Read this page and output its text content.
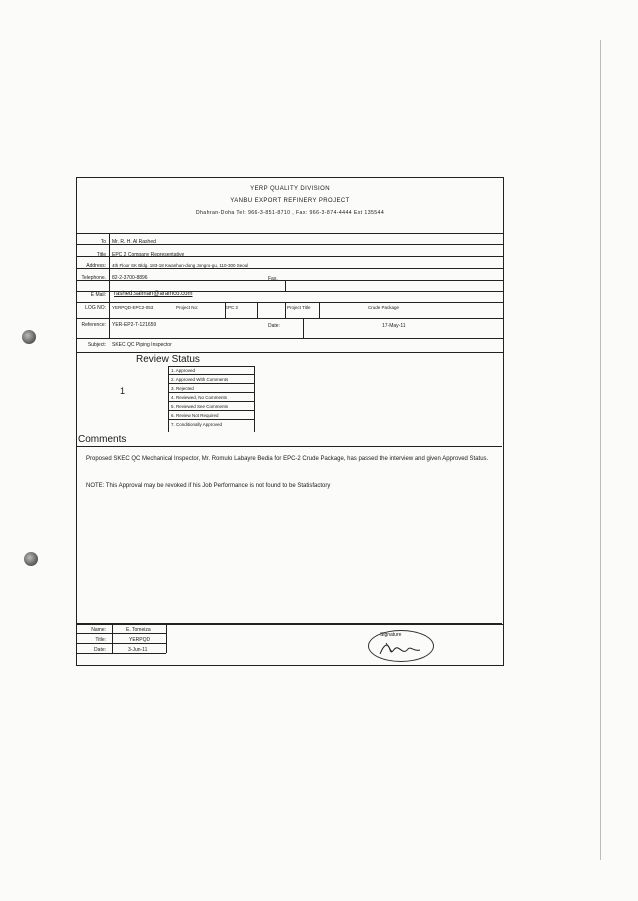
YERP QUALITY DIVISION
YANBU EXPORT REFINERY PROJECT
Dhahran-Doha Tel: 966-3-851-8710 , Fax: 966-3-874-4444 Ext 135544
To Mr. R. H. Al Rashed
Title EPC 2 Company Representative
Address: 4th Floor SK Bldg. 183-18 Kwanhun-dong Jongro-gu, 110-300 Seoul
Telephone. 82-2-3700-8896	Fax.
E Mail: rashed.salman@aramco.com
LOG NO: YERPQD-EPC2-053	Project No:	EPC 2	Project Title	Crude Package
Reference: YER-EP2-T-121659	Date:	17-May-11
Subject: SKEC QC Piping Inspector
Review Status
1
1. Approved
2. Approved With Comments
3. Rejected
4. Reviewed, No Comments
5. Reviewed See Comments
6. Review Not Required
7. Conditionally Approved
Comments
Proposed SKEC QC Mechanical Inspector, Mr. Romulo Labayre Bedia for EPC-2 Crude Package, has passed the interview and given Approved Status.
NOTE: This Approval may be revoked if his Job Performance is not found to be Statisfactory
Name:	E. Tomeiza
Title:	YERPQD
Date:	3-Jun-11
Signature
